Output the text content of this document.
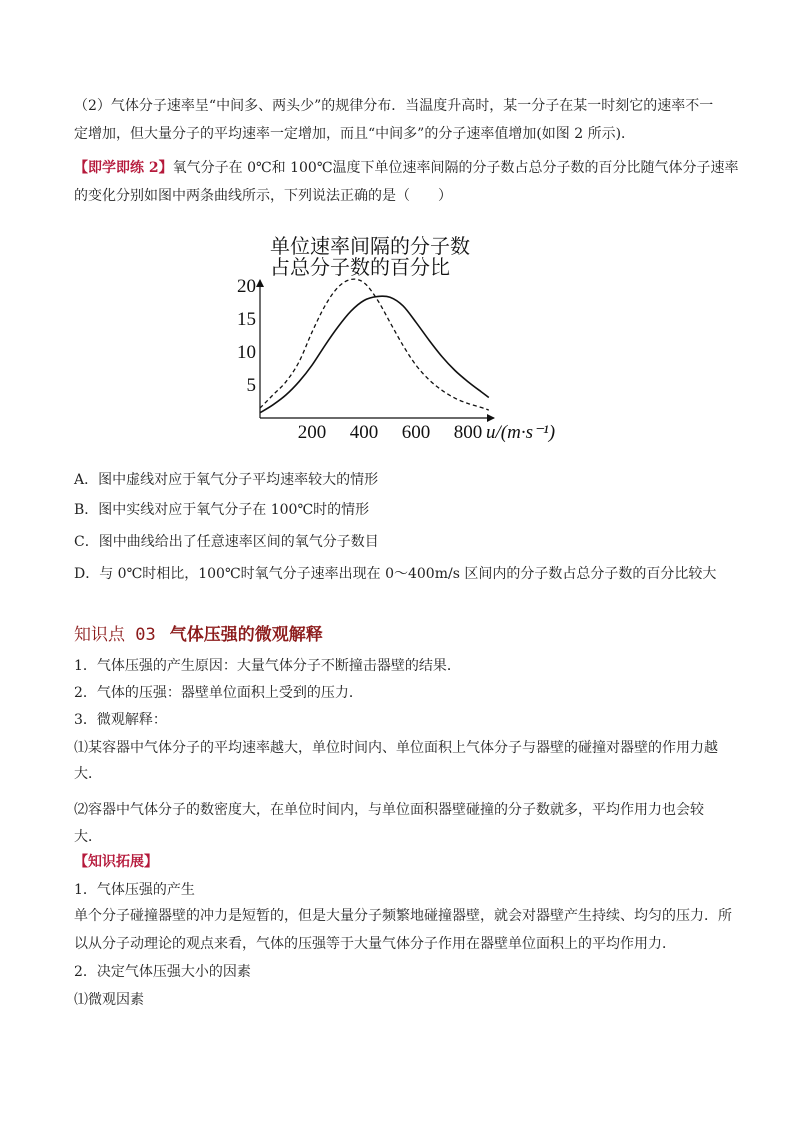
（2）气体分子速率呈“中间多、两头少”的规律分布．当温度升高时，某一分子在某一时刻它的速率不一
定增加，但大量分子的平均速率一定增加，而且“中间多”的分子速率值增加(如图 2 所示)．
【即学即练 2】氧气分子在 0℃和 100℃温度下单位速率间隔的分子数占总分子数的百分比随气体分子速率
的变化分别如图中两条曲线所示，下列说法正确的是（　　）
单位速率间隔的分子数
占总分子数的百分比
200 400 600 800
5
10
15
20
u/(m·s⁻¹)
A．图中虚线对应于氧气分子平均速率较大的情形
B．图中实线对应于氧气分子在 100℃时的情形
C．图中曲线给出了任意速率区间的氧气分子数目
D．与 0℃时相比，100℃时氧气分子速率出现在 0～400m/s 区间内的分子数占总分子数的百分比较大
知识点 03 气体压强的微观解释
1．气体压强的产生原因：大量气体分子不断撞击器壁的结果．
2．气体的压强：器壁单位面积上受到的压力．
3．微观解释：
⑴某容器中气体分子的平均速率越大，单位时间内、单位面积上气体分子与器壁的碰撞对器壁的作用力越
大．
⑵容器中气体分子的数密度大，在单位时间内，与单位面积器壁碰撞的分子数就多，平均作用力也会较
大．
【知识拓展】
1．气体压强的产生
单个分子碰撞器壁的冲力是短暂的，但是大量分子频繁地碰撞器壁，就会对器壁产生持续、均匀的压力．所
以从分子动理论的观点来看，气体的压强等于大量气体分子作用在器壁单位面积上的平均作用力．
2．决定气体压强大小的因素
⑴微观因素
